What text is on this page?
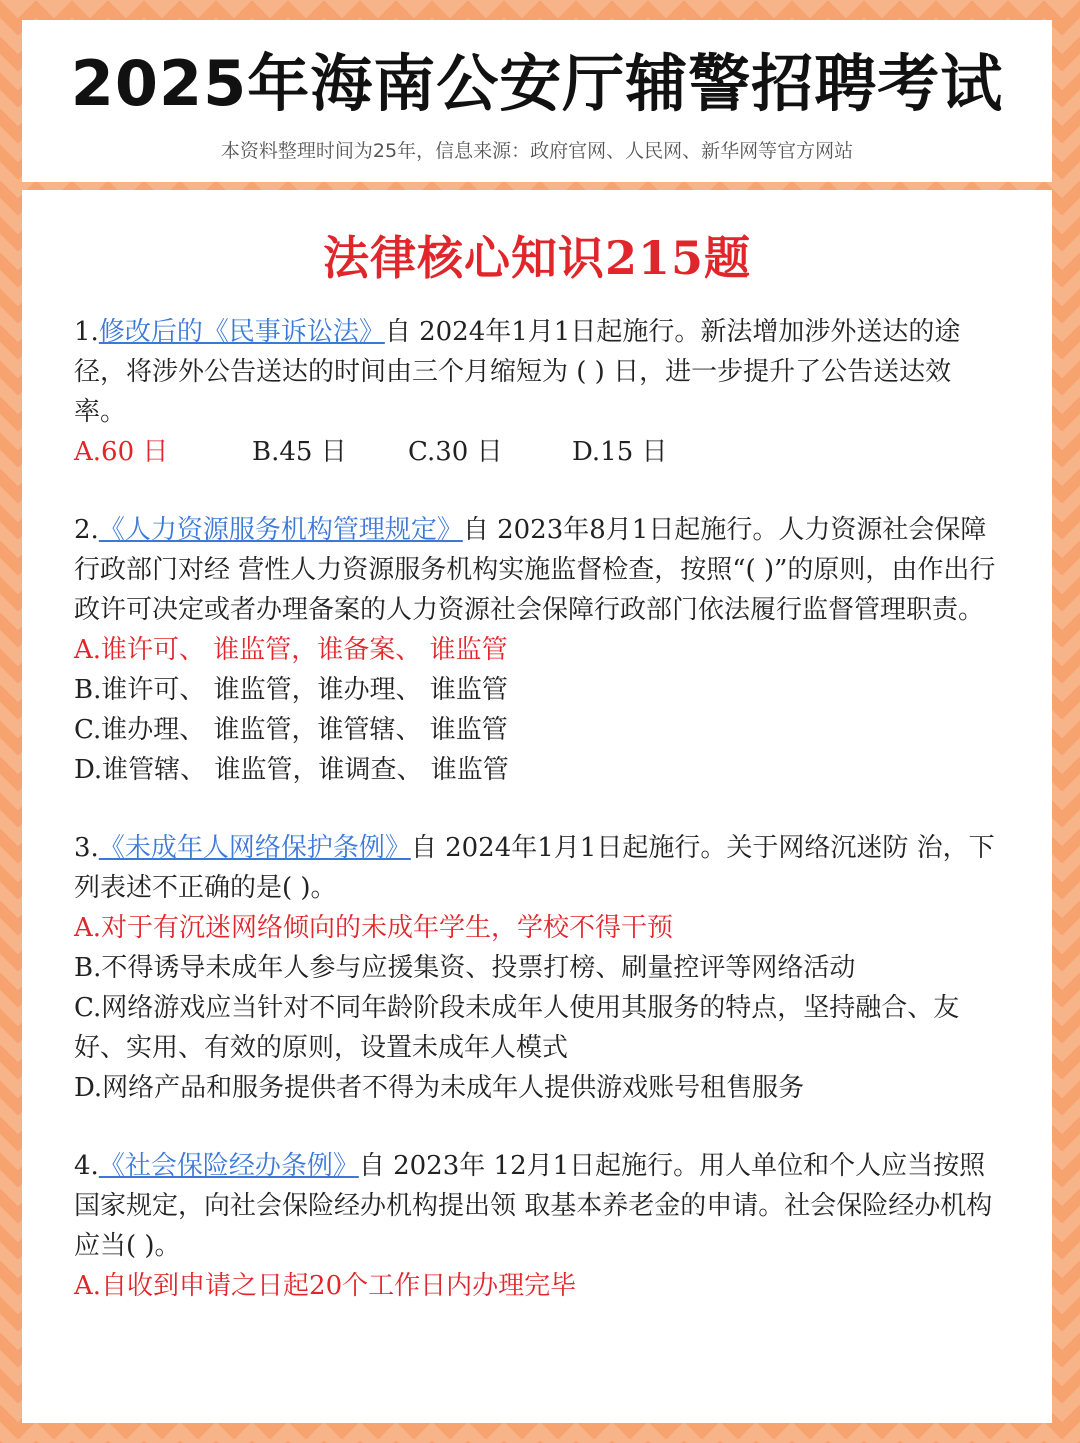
2025年海南公安厅辅警招聘考试
本资料整理时间为25年，信息来源：政府官网、人民网、新华网等官方网站
法律核心知识215题
1.修改后的《民事诉讼法》自 2024年1月1日起施行。新法增加涉外送达的途径，将涉外公告送达的时间由三个月缩短为 ( ) 日，进一步提升了公告送达效率。
A.60 日	B.45 日	C.30 日	D.15 日
2.《人力资源服务机构管理规定》自 2023年8月1日起施行。人力资源社会保障行政部门对经 营性人力资源服务机构实施监督检查，按照“( )”的原则，由作出行政许可决定或者办理备案的人力资源社会保障行政部门依法履行监督管理职责。
A.谁许可、 谁监管，谁备案、 谁监管
B.谁许可、 谁监管，谁办理、 谁监管
C.谁办理、 谁监管，谁管辖、 谁监管
D.谁管辖、 谁监管，谁调查、 谁监管
3.《未成年人网络保护条例》自 2024年1月1日起施行。关于网络沉迷防 治，下列表述不正确的是( )。
A.对于有沉迷网络倾向的未成年学生，学校不得干预
B.不得诱导未成年人参与应援集资、投票打榜、刷量控评等网络活动
C.网络游戏应当针对不同年龄阶段未成年人使用其服务的特点，坚持融合、友好、实用、有效的原则，设置未成年人模式
D.网络产品和服务提供者不得为未成年人提供游戏账号租售服务
4.《社会保险经办条例》自 2023年 12月1日起施行。用人单位和个人应当按照国家规定，向社会保险经办机构提出领 取基本养老金的申请。社会保险经办机构应当( )。
A.自收到申请之日起20个工作日内办理完毕
